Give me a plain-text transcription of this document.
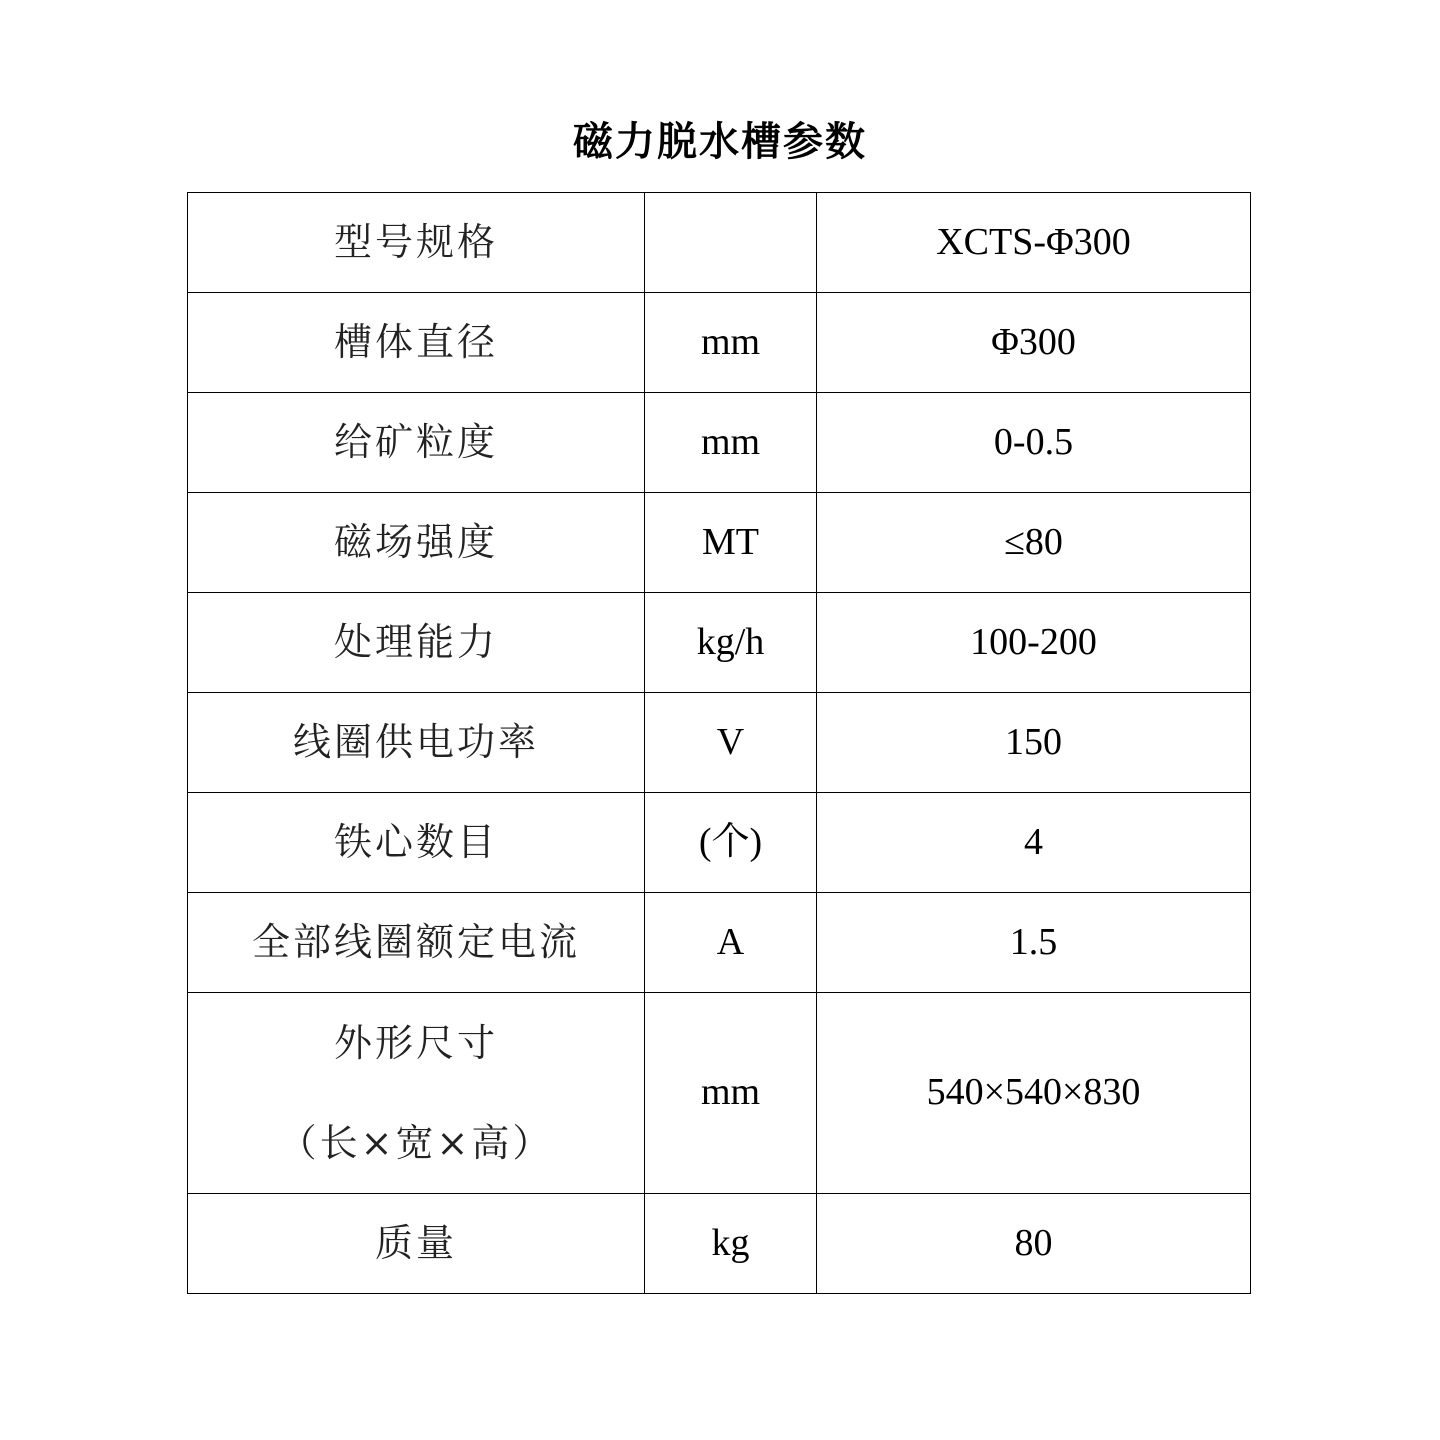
磁力脱水槽参数
型号规格		XCTS-Φ300
槽体直径	mm	Φ300
给矿粒度	mm	0-0.5
磁场强度	MT	≤80
处理能力	kg/h	100-200
线圈供电功率	V	150
铁心数目	(个)	4
全部线圈额定电流	A	1.5

外形尺寸
（长×宽×高）	mm	540×540×830
质量	kg	80
